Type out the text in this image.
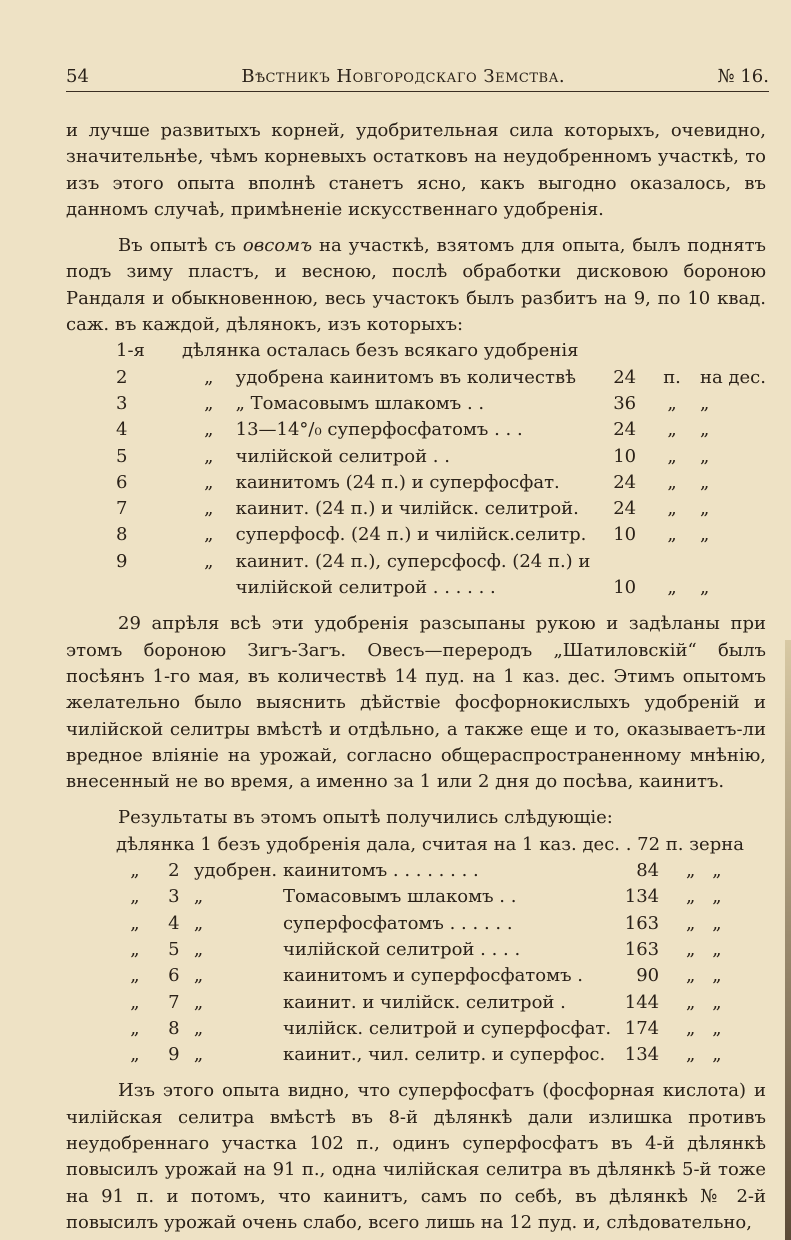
54	Вѣстникъ Новгородскаго Земства.	№ 16.

и лучше развитыхъ корней, удобрительная сила которыхъ, очевидно, значительнѣе, чѣмъ корневыхъ остатковъ на неудобренномъ участкѣ, то изъ этого опыта вполнѣ станетъ ясно, какъ выгодно оказалось, въ данномъ случаѣ, примѣненіе искусственнаго удобренія.

Въ опытѣ съ овсомъ на участкѣ, взятомъ для опыта, былъ поднятъ подъ зиму пластъ, и весною, послѣ обработки дисковою бороною Рандаля и обыкновенною, весь участокъ былъ разбитъ на 9, по 10 квад. саж. въ каждой, дѣлянокъ, изъ которыхъ:

1-я	дѣлянка осталась безъ всякаго удобренія				
2	„	удобрена каинитомъ въ количествѣ	24	п.	на дес.
3	„	„ Томасовымъ шлакомъ . .	36	„	„
4	„	13—14°/₀ суперфосфатомъ . . .	24	„	„
5	„	чилійской селитрой . .	10	„	„
6	„	каинитомъ (24 п.) и суперфосфат.	24	„	„
7	„	каинит. (24 п.) и чилійск. селитрой.	24	„	„
8	„	суперфосф. (24 п.) и чилійск.селитр.	10	„	„
9	„	каинит. (24 п.), суперсфосф. (24 п.) и			
		чилійской селитрой . . . . . .	10	„	„

29 апрѣля всѣ эти удобренія разсыпаны рукою и задѣланы при этомъ бороною Зигъ-Загъ. Овесъ—переродъ „Шатиловскій“ былъ посѣянъ 1-го мая, въ количествѣ 14 пуд. на 1 каз. дес. Этимъ опытомъ желательно было выяснить дѣйствіе фосфорнокислыхъ удобреній и чилійской селитры вмѣстѣ и отдѣльно, а также еще и то, оказываетъ-ли вредное вліяніе на урожай, согласно общераспространенному мнѣнію, внесенный не во время, а именно за 1 или 2 дня до посѣва, каинитъ.

Результаты въ этомъ опытѣ получились слѣдующіе:

дѣлянка 1 безъ удобренія дала, считая на 1 каз. дес. . 72 п. зерна
„	2	удобрен.	каинитомъ . . . . . . . .	84	„	„
„	3	„	Томасовымъ шлакомъ . .	134	„	„
„	4	„	суперфосфатомъ . . . . . .	163	„	„
„	5	„	чилійской селитрой . . . .	163	„	„
„	6	„	каинитомъ и суперфосфатомъ .	90	„	„
„	7	„	каинит. и чилійск. селитрой .	144	„	„
„	8	„	чилійск. селитрой и суперфосфат.	174	„	„
„	9	„	каинит., чил. селитр. и суперфос.	134	„	„

Изъ этого опыта видно, что суперфосфатъ (фосфорная кислота) и чилійская селитра вмѣстѣ въ 8-й дѣлянкѣ дали излишка противъ неудобреннаго участка 102 п., одинъ суперфосфатъ въ 4-й дѣлянкѣ повысилъ урожай на 91 п., одна чилійская селитра въ дѣлянкѣ 5-й тоже на 91 п. и потомъ, что каинитъ, самъ по себѣ, въ дѣлянкѣ № 2-й повысилъ урожай очень слабо, всего лишь на 12 пуд. и, слѣдовательно,
